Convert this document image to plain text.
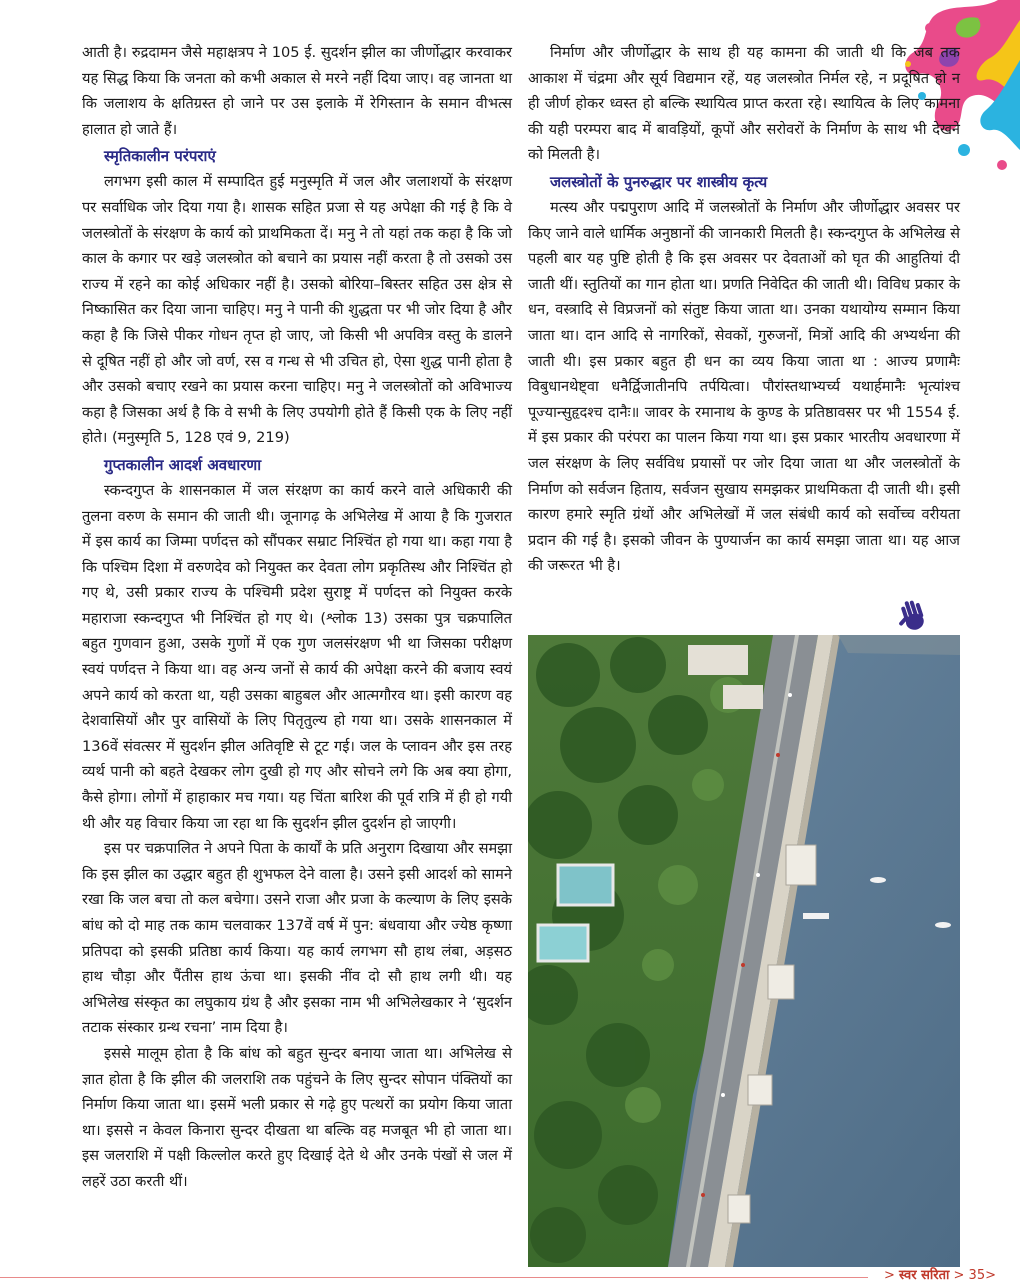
आती है। रुद्रदामन जैसे महाक्षत्रप ने 105 ई. सुदर्शन झील का जीर्णोद्धार करवाकर यह सिद्ध किया कि जनता को कभी अकाल से मरने नहीं दिया जाए। वह जानता था कि जलाशय के क्षतिग्रस्त हो जाने पर उस इलाके में रेगिस्तान के समान वीभत्स हालात हो जाते हैं।

स्मृतिकालीन परंपराएं

लगभग इसी काल में सम्पादित हुई मनुस्मृति में जल और जलाशयों के संरक्षण पर सर्वाधिक जोर दिया गया है। शासक सहित प्रजा से यह अपेक्षा की गई है कि वे जलस्त्रोतों के संरक्षण के कार्य को प्राथमिकता दें। मनु ने तो यहां तक कहा है कि जो काल के कगार पर खड़े जलस्त्रोत को बचाने का प्रयास नहीं करता है तो उसको उस राज्य में रहने का कोई अधिकार नहीं है। उसको बोरिया–बिस्तर सहित उस क्षेत्र से निष्कासित कर दिया जाना चाहिए। मनु ने पानी की शुद्धता पर भी जोर दिया है और कहा है कि जिसे पीकर गोधन तृप्त हो जाए, जो किसी भी अपवित्र वस्तु के डालने से दूषित नहीं हो और जो वर्ण, रस व गन्ध से भी उचित हो, ऐसा शुद्ध पानी होता है और उसको बचाए रखने का प्रयास करना चाहिए। मनु ने जलस्त्रोतों को अविभाज्य कहा है जिसका अर्थ है कि वे सभी के लिए उपयोगी होते हैं किसी एक के लिए नहीं होते। (मनुस्मृति 5, 128 एवं 9, 219)

गुप्तकालीन आदर्श अवधारणा

स्कन्दगुप्त के शासनकाल में जल संरक्षण का कार्य करने वाले अधिकारी की तुलना वरुण के समान की जाती थी। जूनागढ़ के अभिलेख में आया है कि गुजरात में इस कार्य का जिम्मा पर्णदत्त को सौंपकर सम्राट निश्चिंत हो गया था। कहा गया है कि पश्चिम दिशा में वरुणदेव को नियुक्त कर देवता लोग प्रकृतिस्थ और निश्चिंत हो गए थे, उसी प्रकार राज्य के पश्चिमी प्रदेश सुराष्ट्र में पर्णदत्त को नियुक्त करके महाराजा स्कन्दगुप्त भी निश्चिंत हो गए थे। (श्लोक 13) उसका पुत्र चक्रपालित बहुत गुणवान हुआ, उसके गुणों में एक गुण जलसंरक्षण भी था जिसका परीक्षण स्वयं पर्णदत्त ने किया था। वह अन्य जनों से कार्य की अपेक्षा करने की बजाय स्वयं अपने कार्य को करता था, यही उसका बाहुबल और आत्मगौरव था। इसी कारण वह देशवासियों और पुर वासियों के लिए पितृतुल्य हो गया था। उसके शासनकाल में 136वें संवत्सर में सुदर्शन झील अतिवृष्टि से टूट गई। जल के प्लावन और इस तरह व्यर्थ पानी को बहते देखकर लोग दुखी हो गए और सोचने लगे कि अब क्या होगा, कैसे होगा। लोगों में हाहाकार मच गया। यह चिंता बारिश की पूर्व रात्रि में ही हो गयी थी और यह विचार किया जा रहा था कि सुदर्शन झील दुदर्शन हो जाएगी।

इस पर चक्रपालित ने अपने पिता के कार्यों के प्रति अनुराग दिखाया और समझा कि इस झील का उद्धार बहुत ही शुभफल देने वाला है। उसने इसी आदर्श को सामने रखा कि जल बचा तो कल बचेगा। उसने राजा और प्रजा के कल्याण के लिए इसके बांध को दो माह तक काम चलवाकर 137वें वर्ष में पुन: बंधवाया और ज्येष्ठ कृष्णा प्रतिपदा को इसकी प्रतिष्ठा कार्य किया। यह कार्य लगभग सौ हाथ लंबा, अड़सठ हाथ चौड़ा और पैंतीस हाथ ऊंचा था। इसकी नींव दो सौ हाथ लगी थी। यह अभिलेख संस्कृत का लघुकाय ग्रंथ है और इसका नाम भी अभिलेखकार ने ‘सुदर्शन तटाक संस्कार ग्रन्थ रचना’ नाम दिया है।

इससे मालूम होता है कि बांध को बहुत सुन्दर बनाया जाता था। अभिलेख से ज्ञात होता है कि झील की जलराशि तक पहुंचने के लिए सुन्दर सोपान पंक्तियों का निर्माण किया जाता था। इसमें भली प्रकार से गढ़े हुए पत्थरों का प्रयोग किया जाता था। इससे न केवल किनारा सुन्दर दीखता था बल्कि वह मजबूत भी हो जाता था। इस जलराशि में पक्षी किल्लोल करते हुए दिखाई देते थे और उनके पंखों से जल में लहरें उठा करती थीं।

निर्माण और जीर्णोद्धार के साथ ही यह कामना की जाती थी कि जब तक आकाश में चंद्रमा और सूर्य विद्यमान रहें, यह जलस्त्रोत निर्मल रहे, न प्रदूषित हो न ही जीर्ण होकर ध्वस्त हो बल्कि स्थायित्व प्राप्त करता रहे। स्थायित्व के लिए कामना की यही परम्परा बाद में बावड़ियों, कूपों और सरोवरों के निर्माण के साथ भी देखने को मिलती है।

जलस्त्रोतों के पुनरुद्धार पर शास्त्रीय कृत्य

मत्स्य और पद्मपुराण आदि में जलस्त्रोतों के निर्माण और जीर्णोद्धार अवसर पर किए जाने वाले धार्मिक अनुष्ठानों की जानकारी मिलती है। स्कन्दगुप्त के अभिलेख से पहली बार यह पुष्टि होती है कि इस अवसर पर देवताओं को घृत की आहुतियां दी जाती थीं। स्तुतियों का गान होता था। प्रणति निवेदित की जाती थी। विविध प्रकार के धन, वस्त्रादि से विप्रजनों को संतुष्ट किया जाता था। उनका यथायोग्य सम्मान किया जाता था। दान आदि से नागरिकों, सेवकों, गुरुजनों, मित्रों आदि की अभ्यर्थना की जाती थी। इस प्रकार बहुत ही धन का व्यय किया जाता था : आज्य प्रणामैः विबुधानथेष्ट्वा धनैर्द्विजातीनपि तर्पयित्वा। पौरांस्तथाभ्यर्च्य यथार्हमानैः भृत्यांश्च पूज्यान्सुहृदश्च दानैः॥ जावर के रमानाथ के कुण्ड के प्रतिष्ठावसर पर भी 1554 ई. में इस प्रकार की परंपरा का पालन किया गया था। इस प्रकार भारतीय अवधारणा में जल संरक्षण के लिए सर्वविध प्रयासों पर जोर दिया जाता था और जलस्त्रोतों के निर्माण को सर्वजन हिताय, सर्वजन सुखाय समझकर प्राथमिकता दी जाती थी। इसी कारण हमारे स्मृति ग्रंथों और अभिलेखों में जल संबंधी कार्य को सर्वोच्च वरीयता प्रदान की गई है। इसको जीवन के पुण्यार्जन का कार्य समझा जाता था। यह आज की जरूरत भी है।

> स्वर सरिता > 35>
